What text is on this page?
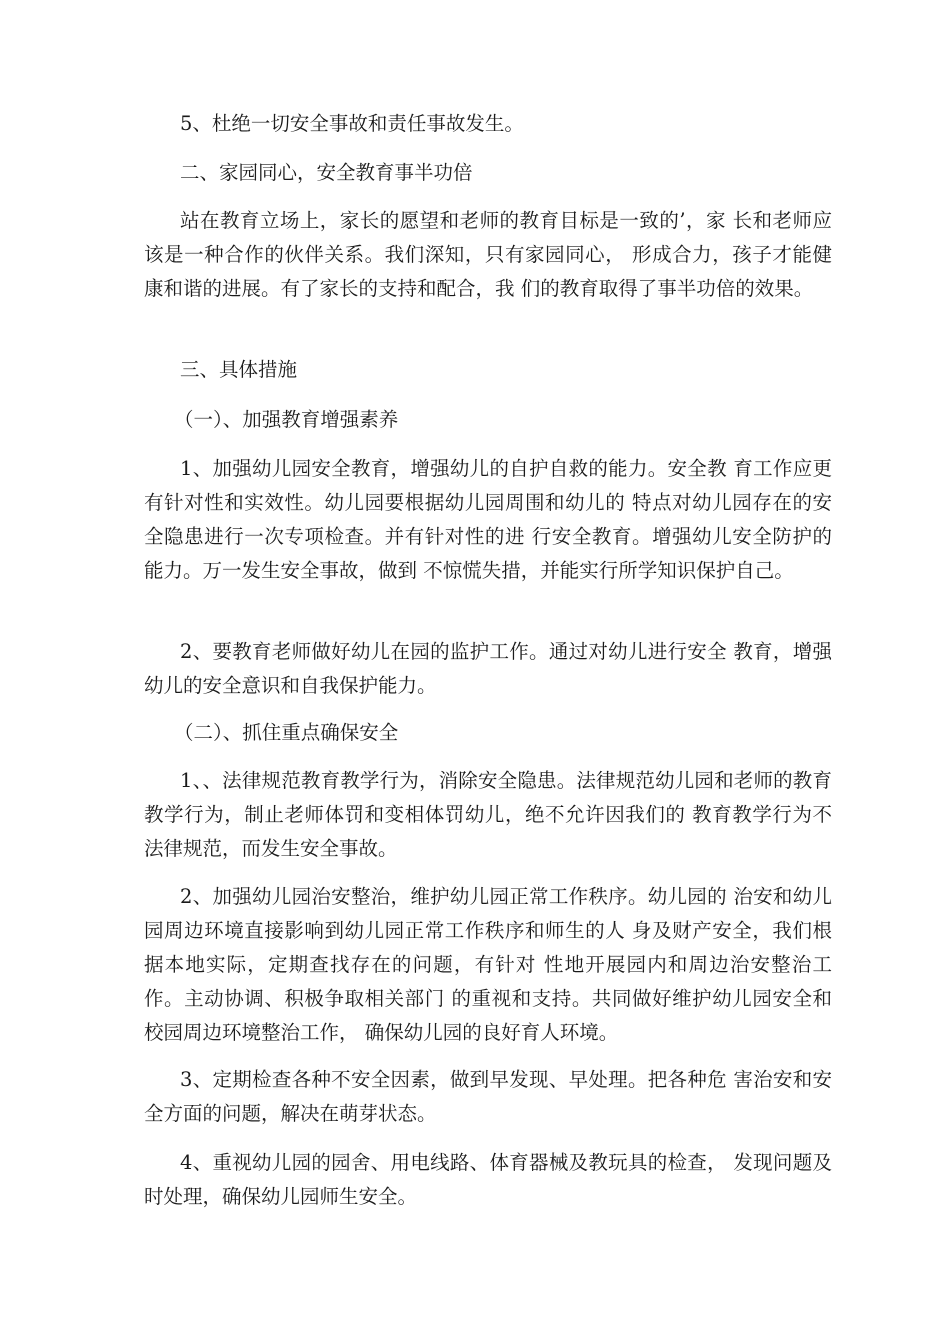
5、杜绝一切安全事故和责任事故发生。

二、家园同心，安全教育事半功倍

站在教育立场上，家长的愿望和老师的教育目标是一致的’，家 长和老师应该是一种合作的伙伴关系。我们深知，只有家园同心， 形成合力，孩子才能健康和谐的进展。有了家长的支持和配合，我 们的教育取得了事半功倍的效果。

三、具体措施

（一）、加强教育增强素养

1、加强幼儿园安全教育，增强幼儿的自护自救的能力。安全教 育工作应更有针对性和实效性。幼儿园要根据幼儿园周围和幼儿的 特点对幼儿园存在的安全隐患进行一次专项检查。并有针对性的进 行安全教育。增强幼儿安全防护的能力。万一发生安全事故，做到 不惊慌失措，并能实行所学知识保护自己。

2、要教育老师做好幼儿在园的监护工作。通过对幼儿进行安全 教育，增强幼儿的安全意识和自我保护能力。

（二）、抓住重点确保安全

1、、法律规范教育教学行为，消除安全隐患。法律规范幼儿园和老师的教育教学行为，制止老师体罚和变相体罚幼儿，绝不允许因我们的 教育教学行为不法律规范，而发生安全事故。

2、加强幼儿园治安整治，维护幼儿园正常工作秩序。幼儿园的 治安和幼儿园周边环境直接影响到幼儿园正常工作秩序和师生的人 身及财产安全，我们根据本地实际，定期查找存在的问题，有针对 性地开展园内和周边治安整治工作。主动协调、积极争取相关部门 的重视和支持。共同做好维护幼儿园安全和校园周边环境整治工作， 确保幼儿园的良好育人环境。

3、定期检查各种不安全因素，做到早发现、早处理。把各种危 害治安和安全方面的问题，解决在萌芽状态。

4、重视幼儿园的园舍、用电线路、体育器械及教玩具的检查， 发现问题及时处理，确保幼儿园师生安全。
